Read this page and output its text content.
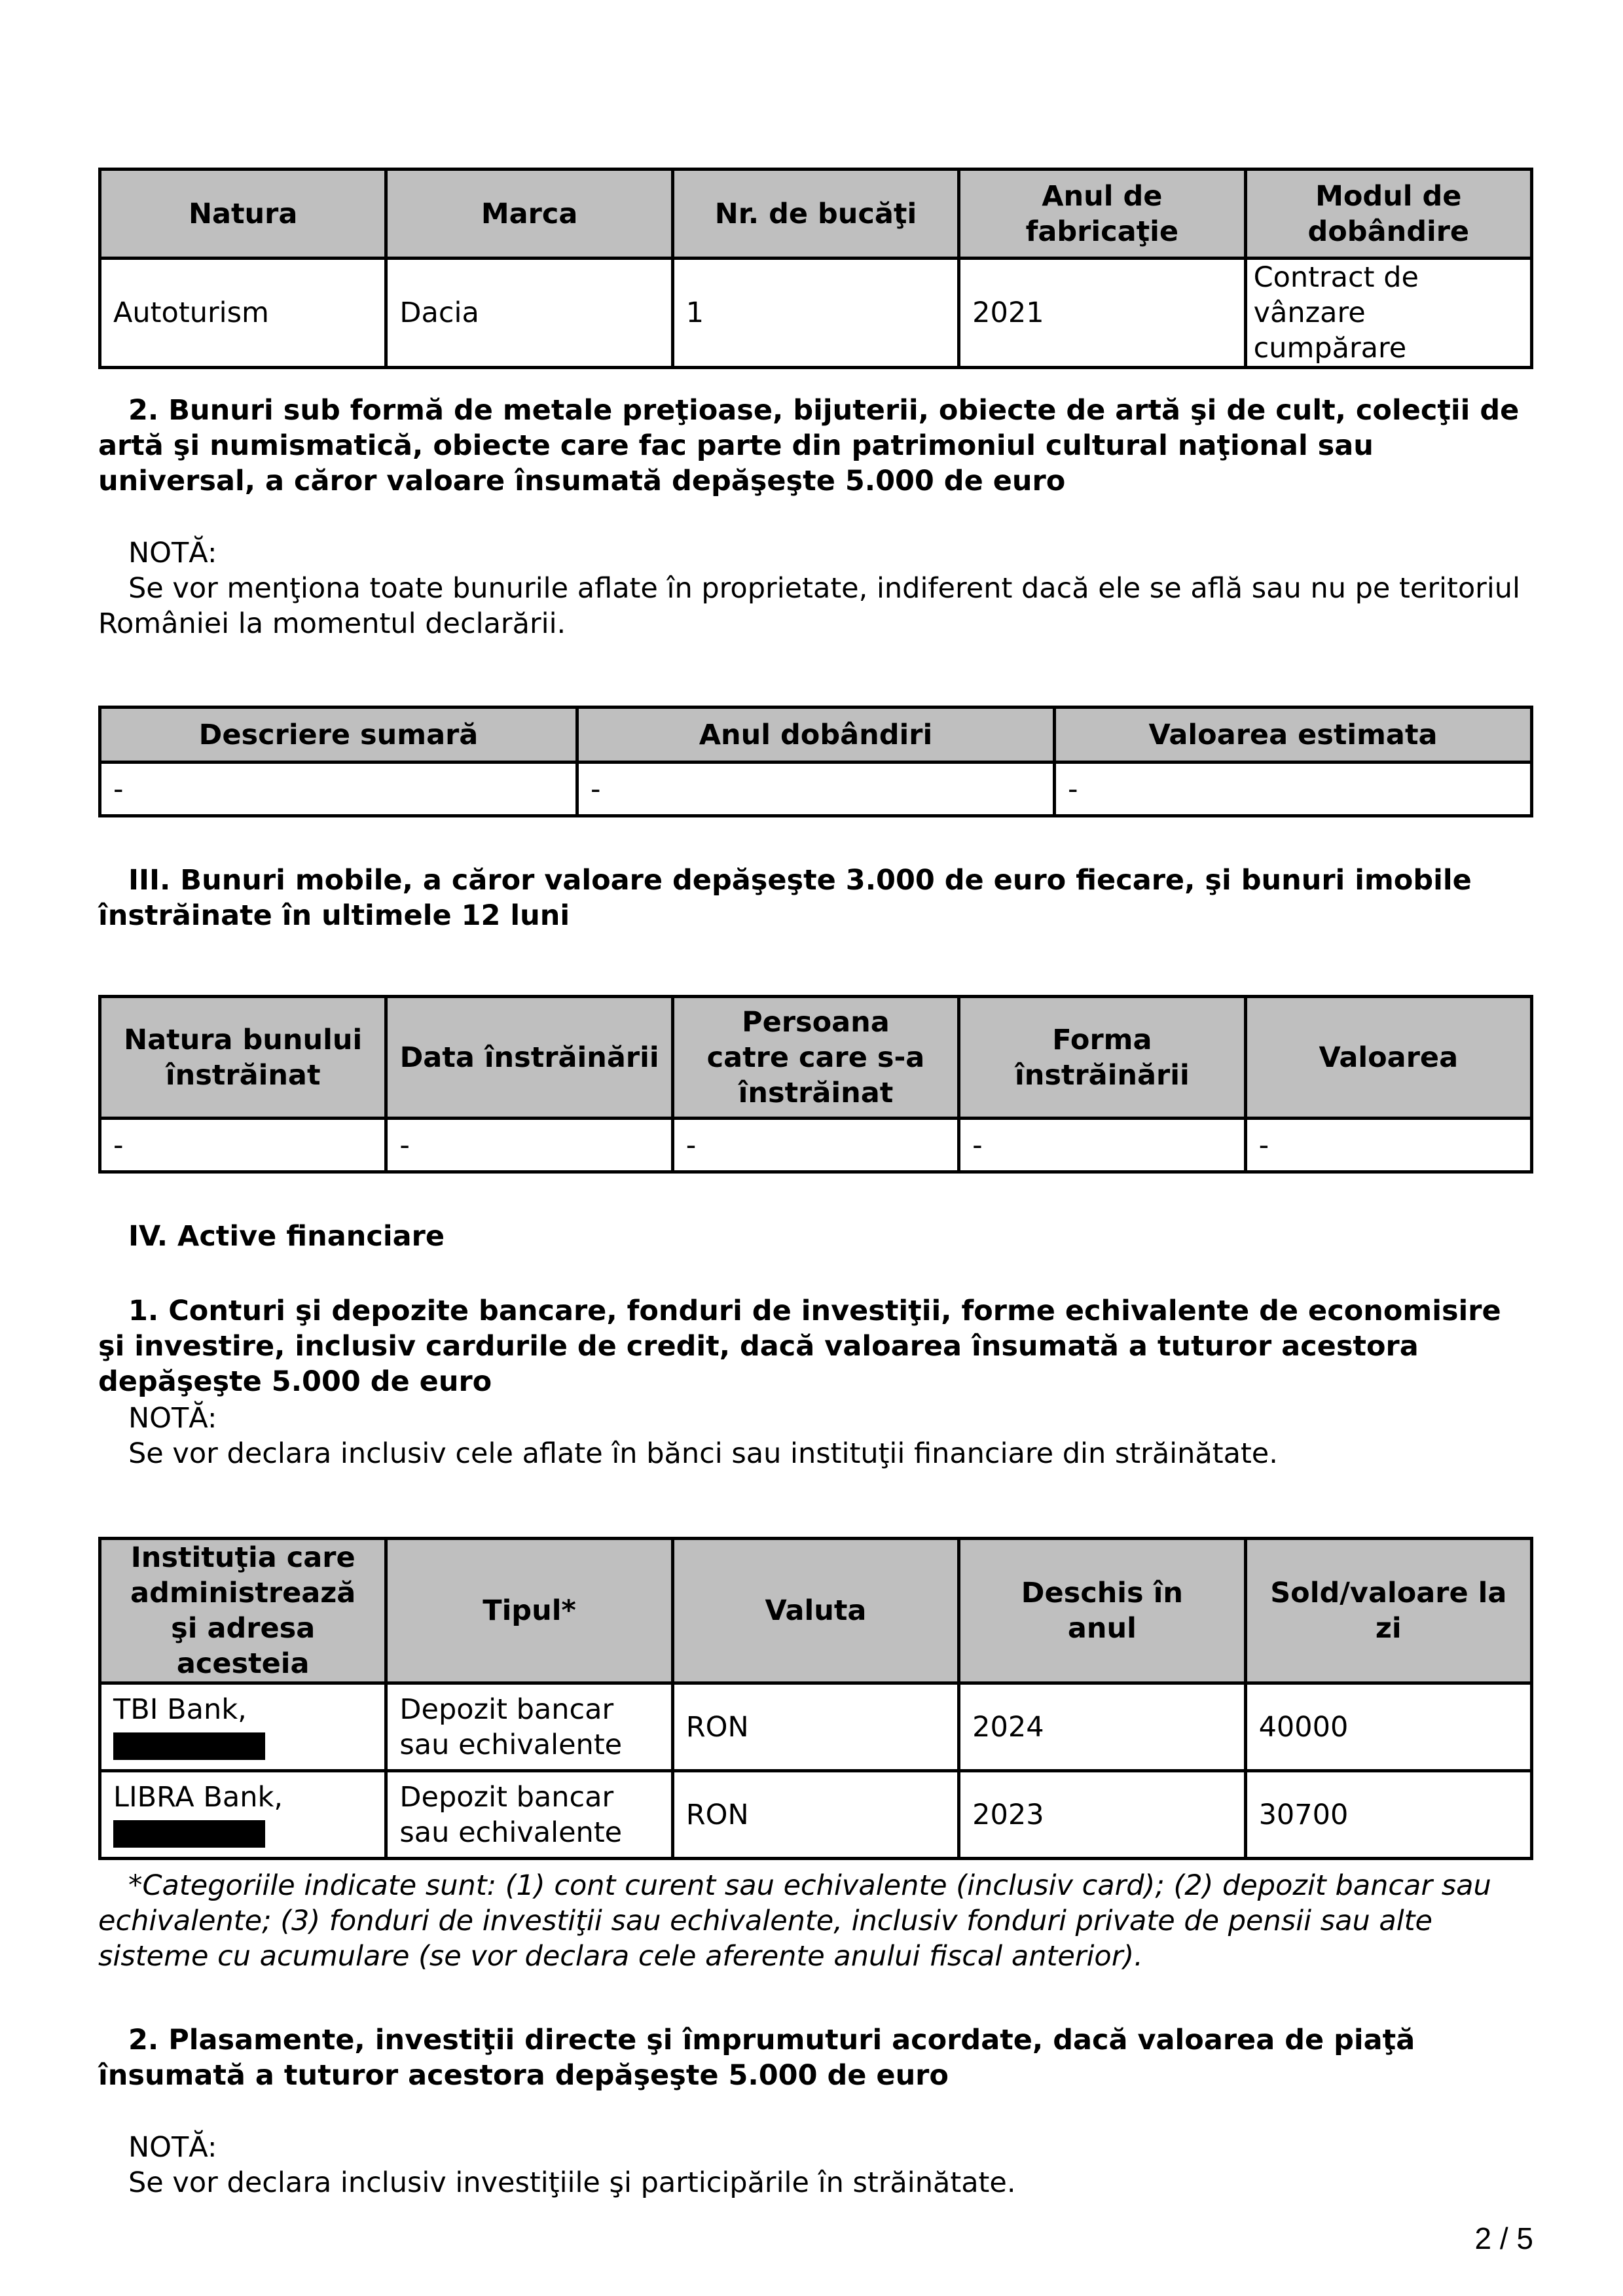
Natura	Marca	Nr. de bucăţi	Anul de fabricaţie	Modul de dobândire
Autoturism	Dacia	1	2021	Contract de vânzare cumpărare
2. Bunuri sub formă de metale preţioase, bijuterii, obiecte de artă şi de cult, colecţii de artă şi numismatică, obiecte care fac parte din patrimoniul cultural naţional sau universal, a căror valoare însumată depăşeşte 5.000 de euro
NOTĂ:
Se vor menţiona toate bunurile aflate în proprietate, indiferent dacă ele se află sau nu pe teritoriul României la momentul declarării.
Descriere sumară	Anul dobândiri	Valoarea estimata
-	-	-
III. Bunuri mobile, a căror valoare depăşeşte 3.000 de euro fiecare, şi bunuri imobile înstrăinate în ultimele 12 luni
Natura bunului înstrăinat	Data înstrăinării	Persoana catre care s-a înstrăinat	Forma înstrăinării	Valoarea
-	-	-	-	-
IV. Active financiare
1. Conturi şi depozite bancare, fonduri de investiţii, forme echivalente de economisire şi investire, inclusiv cardurile de credit, dacă valoarea însumată a tuturor acestora depăşeşte 5.000 de euro
NOTĂ:
Se vor declara inclusiv cele aflate în bănci sau instituţii financiare din străinătate.
Instituţia care administrează şi adresa acesteia	Tipul*	Valuta	Deschis în anul	Sold/valoare la zi
TBI Bank,	Depozit bancar sau echivalente	RON	2024	40000
LIBRA Bank,	Depozit bancar sau echivalente	RON	2023	30700
*Categoriile indicate sunt: (1) cont curent sau echivalente (inclusiv card); (2) depozit bancar sau echivalente; (3) fonduri de investiţii sau echivalente, inclusiv fonduri private de pensii sau alte sisteme cu acumulare (se vor declara cele aferente anului fiscal anterior).
2. Plasamente, investiţii directe şi împrumuturi acordate, dacă valoarea de piaţă însumată a tuturor acestora depăşeşte 5.000 de euro
NOTĂ:
Se vor declara inclusiv investiţiile şi participările în străinătate.
2 / 5
